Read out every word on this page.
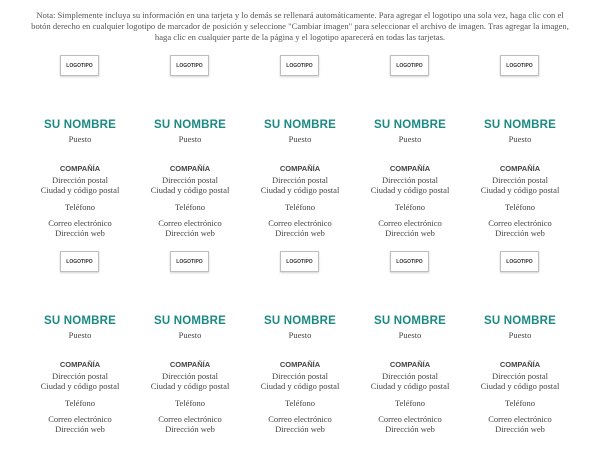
Nota: Simplemente incluya su información en una tarjeta y lo demás se rellenará automáticamente. Para agregar el logotipo una sola vez, haga clic con el botón derecho en cualquier logotipo de marcador de posición y seleccione "Cambiar imagen" para seleccionar el archivo de imagen. Tras agregar la imagen, haga clic en cualquier parte de la página y el logotipo aparecerá en todas las tarjetas.
LOGOTIPO
SU NOMBRE
Puesto
COMPAÑÍA
Dirección postal
Ciudad y código postal
Teléfono
Correo electrónico
Dirección web
LOGOTIPO
SU NOMBRE
Puesto
COMPAÑÍA
Dirección postal
Ciudad y código postal
Teléfono
Correo electrónico
Dirección web
LOGOTIPO
SU NOMBRE
Puesto
COMPAÑÍA
Dirección postal
Ciudad y código postal
Teléfono
Correo electrónico
Dirección web
LOGOTIPO
SU NOMBRE
Puesto
COMPAÑÍA
Dirección postal
Ciudad y código postal
Teléfono
Correo electrónico
Dirección web
LOGOTIPO
SU NOMBRE
Puesto
COMPAÑÍA
Dirección postal
Ciudad y código postal
Teléfono
Correo electrónico
Dirección web
LOGOTIPO
SU NOMBRE
Puesto
COMPAÑÍA
Dirección postal
Ciudad y código postal
Teléfono
Correo electrónico
Dirección web
LOGOTIPO
SU NOMBRE
Puesto
COMPAÑÍA
Dirección postal
Ciudad y código postal
Teléfono
Correo electrónico
Dirección web
LOGOTIPO
SU NOMBRE
Puesto
COMPAÑÍA
Dirección postal
Ciudad y código postal
Teléfono
Correo electrónico
Dirección web
LOGOTIPO
SU NOMBRE
Puesto
COMPAÑÍA
Dirección postal
Ciudad y código postal
Teléfono
Correo electrónico
Dirección web
LOGOTIPO
SU NOMBRE
Puesto
COMPAÑÍA
Dirección postal
Ciudad y código postal
Teléfono
Correo electrónico
Dirección web
